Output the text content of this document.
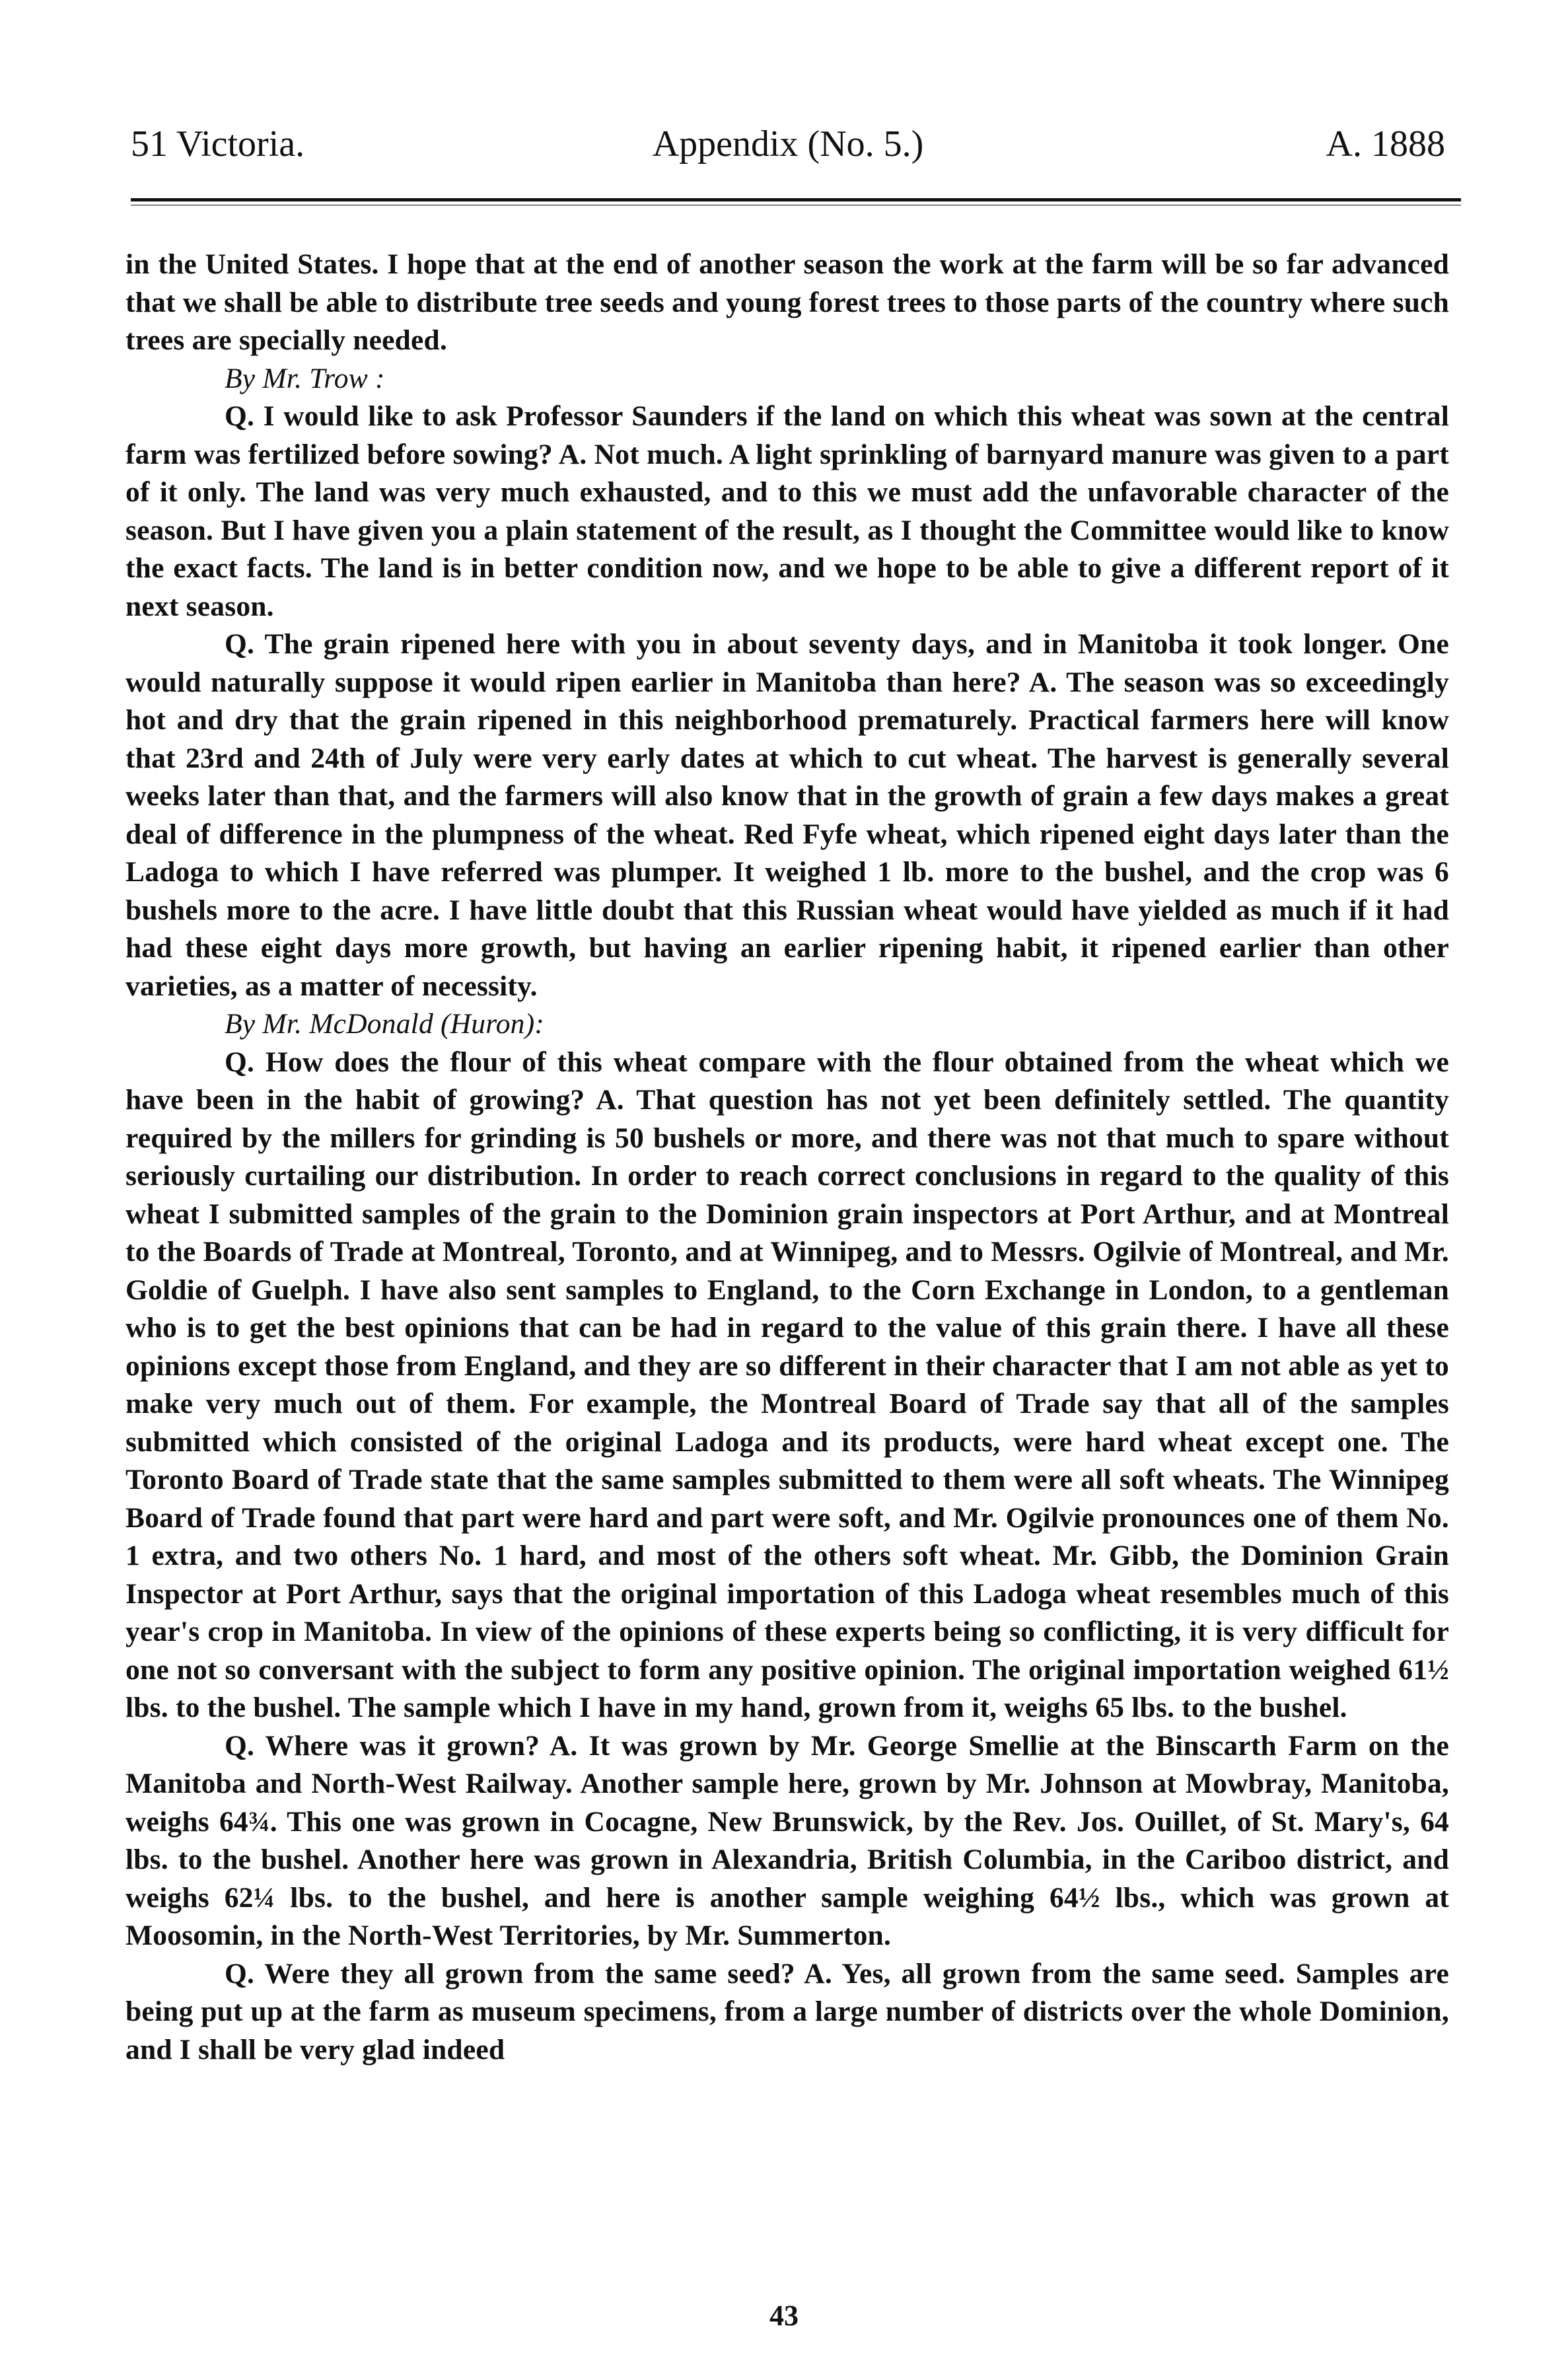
51 Victoria.	Appendix (No. 5.)	A. 1888

in the United States. I hope that at the end of another season the work at the farm will be so far advanced that we shall be able to distribute tree seeds and young forest trees to those parts of the country where such trees are specially needed.

By Mr. Trow :

Q. I would like to ask Professor Saunders if the land on which this wheat was sown at the central farm was fertilized before sowing? A. Not much. A light sprinkling of barnyard manure was given to a part of it only. The land was very much exhausted, and to this we must add the unfavorable character of the season. But I have given you a plain statement of the result, as I thought the Committee would like to know the exact facts. The land is in better condition now, and we hope to be able to give a different report of it next season.

Q. The grain ripened here with you in about seventy days, and in Manitoba it took longer. One would naturally suppose it would ripen earlier in Manitoba than here? A. The season was so exceedingly hot and dry that the grain ripened in this neighborhood prematurely. Practical farmers here will know that 23rd and 24th of July were very early dates at which to cut wheat. The harvest is generally several weeks later than that, and the farmers will also know that in the growth of grain a few days makes a great deal of difference in the plumpness of the wheat. Red Fyfe wheat, which ripened eight days later than the Ladoga to which I have referred was plumper. It weighed 1 lb. more to the bushel, and the crop was 6 bushels more to the acre. I have little doubt that this Russian wheat would have yielded as much if it had had these eight days more growth, but having an earlier ripening habit, it ripened earlier than other varieties, as a matter of necessity.

By Mr. McDonald (Huron):

Q. How does the flour of this wheat compare with the flour obtained from the wheat which we have been in the habit of growing? A. That question has not yet been definitely settled. The quantity required by the millers for grinding is 50 bushels or more, and there was not that much to spare without seriously curtailing our distribution. In order to reach correct conclusions in regard to the quality of this wheat I submitted samples of the grain to the Dominion grain inspectors at Port Arthur, and at Montreal to the Boards of Trade at Montreal, Toronto, and at Winnipeg, and to Messrs. Ogilvie of Montreal, and Mr. Goldie of Guelph. I have also sent samples to England, to the Corn Exchange in London, to a gentleman who is to get the best opinions that can be had in regard to the value of this grain there. I have all these opinions except those from England, and they are so different in their character that I am not able as yet to make very much out of them. For example, the Montreal Board of Trade say that all of the samples submitted which consisted of the original Ladoga and its products, were hard wheat except one. The Toronto Board of Trade state that the same samples submitted to them were all soft wheats. The Winnipeg Board of Trade found that part were hard and part were soft, and Mr. Ogilvie pronounces one of them No. 1 extra, and two others No. 1 hard, and most of the others soft wheat. Mr. Gibb, the Dominion Grain Inspector at Port Arthur, says that the original importation of this Ladoga wheat resembles much of this year's crop in Manitoba. In view of the opinions of these experts being so conflicting, it is very difficult for one not so conversant with the subject to form any positive opinion. The original importation weighed 61½ lbs. to the bushel. The sample which I have in my hand, grown from it, weighs 65 lbs. to the bushel.

Q. Where was it grown? A. It was grown by Mr. George Smellie at the Binscarth Farm on the Manitoba and North-West Railway. Another sample here, grown by Mr. Johnson at Mowbray, Manitoba, weighs 64¾. This one was grown in Cocagne, New Brunswick, by the Rev. Jos. Ouillet, of St. Mary's, 64 lbs. to the bushel. Another here was grown in Alexandria, British Columbia, in the Cariboo district, and weighs 62¼ lbs. to the bushel, and here is another sample weighing 64½ lbs., which was grown at Moosomin, in the North-West Territories, by Mr. Summerton.

Q. Were they all grown from the same seed? A. Yes, all grown from the same seed. Samples are being put up at the farm as museum specimens, from a large number of districts over the whole Dominion, and I shall be very glad indeed

43
